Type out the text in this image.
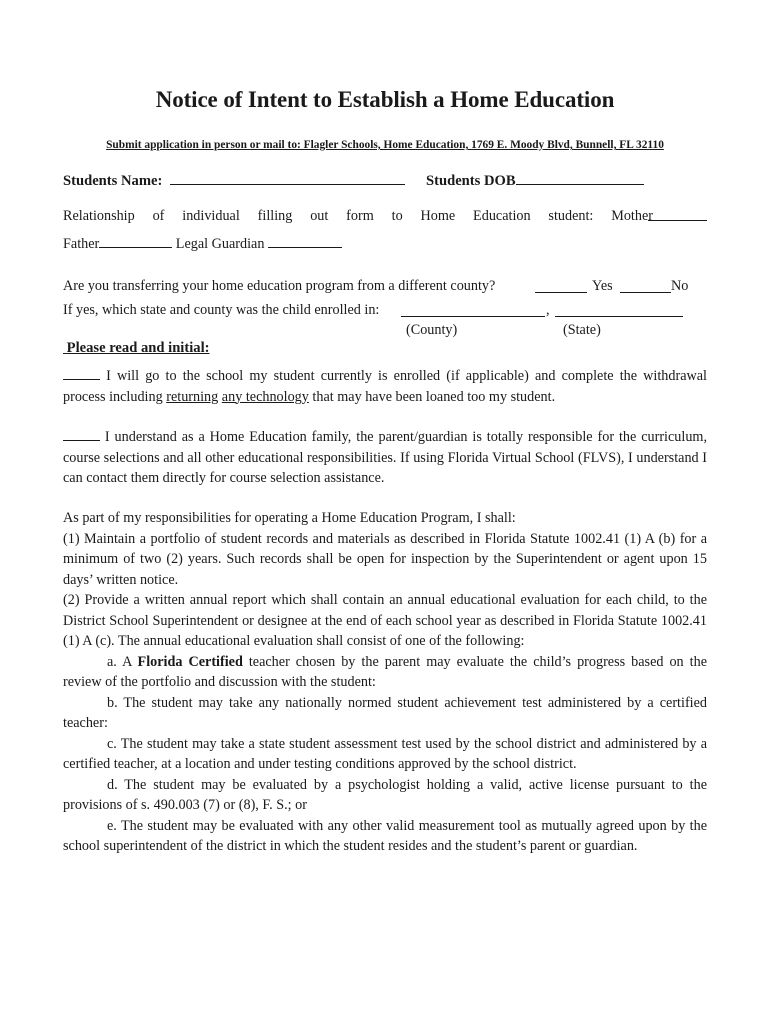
Notice of Intent to Establish a Home Education
Submit application in person or mail to: Flagler Schools, Home Education, 1769 E. Moody Blvd, Bunnell, FL 32110
Students Name:	Students DOB
Relationship of individual filling out form to Home Education student: Mother
Father	Legal Guardian
Are you transferring your home education program from a different county?	Yes	No
If yes, which state and county was the child enrolled in:	,
(County)	(State)
Please read and initial:
I will go to the school my student currently is enrolled (if applicable) and complete the withdrawal process including returning any technology that may have been loaned too my student.
I understand as a Home Education family, the parent/guardian is totally responsible for the curriculum, course selections and all other educational responsibilities. If using Florida Virtual School (FLVS), I understand I can contact them directly for course selection assistance.
As part of my responsibilities for operating a Home Education Program, I shall:
(1) Maintain a portfolio of student records and materials as described in Florida Statute 1002.41 (1) A (b) for a minimum of two (2) years. Such records shall be open for inspection by the Superintendent or agent upon 15 days’ written notice.
(2) Provide a written annual report which shall contain an annual educational evaluation for each child, to the District School Superintendent or designee at the end of each school year as described in Florida Statute 1002.41 (1) A (c). The annual educational evaluation shall consist of one of the following:
a. A Florida Certified teacher chosen by the parent may evaluate the child’s progress based on the review of the portfolio and discussion with the student:
b. The student may take any nationally normed student achievement test administered by a certified teacher:
c. The student may take a state student assessment test used by the school district and administered by a certified teacher, at a location and under testing conditions approved by the school district.
d. The student may be evaluated by a psychologist holding a valid, active license pursuant to the provisions of s. 490.003 (7) or (8), F. S.; or
e. The student may be evaluated with any other valid measurement tool as mutually agreed upon by the school superintendent of the district in which the student resides and the student’s parent or guardian.
